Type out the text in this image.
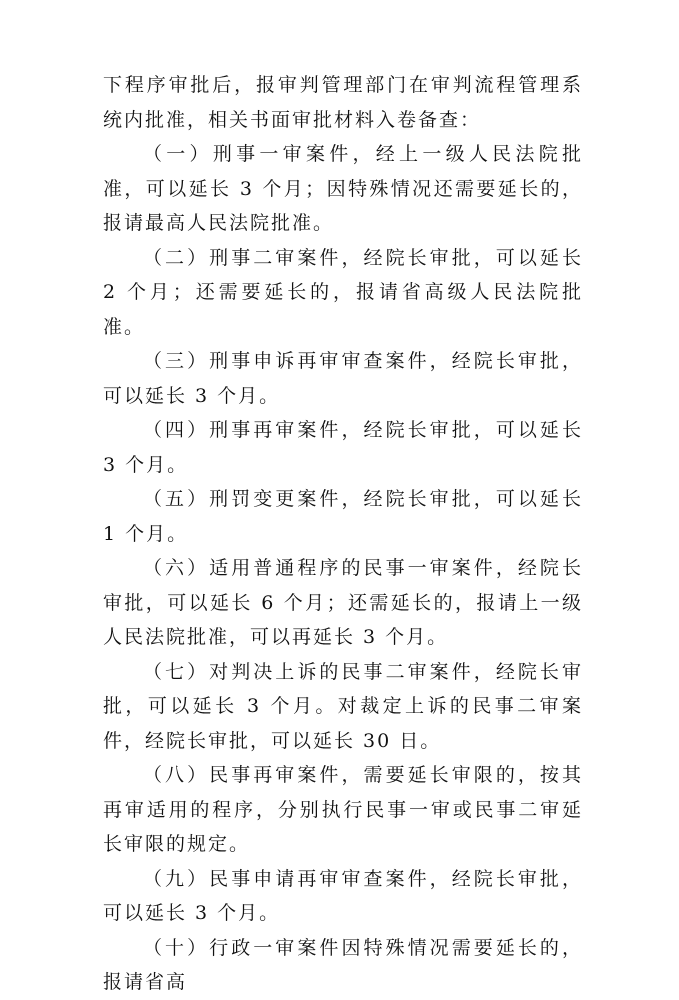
下程序审批后，报审判管理部门在审判流程管理系统内批准，相关书面审批材料入卷备查：

（一）刑事一审案件，经上一级人民法院批准，可以延长 3 个月；因特殊情况还需要延长的，报请最高人民法院批准。

（二）刑事二审案件，经院长审批，可以延长 2 个月；还需要延长的，报请省高级人民法院批准。

（三）刑事申诉再审审查案件，经院长审批，可以延长 3 个月。

（四）刑事再审案件，经院长审批，可以延长 3 个月。

（五）刑罚变更案件，经院长审批，可以延长 1 个月。

（六）适用普通程序的民事一审案件，经院长审批，可以延长 6 个月；还需延长的，报请上一级人民法院批准，可以再延长 3 个月。

（七）对判决上诉的民事二审案件，经院长审批，可以延长 3 个月。对裁定上诉的民事二审案件，经院长审批，可以延长 30 日。

（八）民事再审案件，需要延长审限的，按其再审适用的程序，分别执行民事一审或民事二审延长审限的规定。

（九）民事申请再审审查案件，经院长审批，可以延长 3 个月。

（十）行政一审案件因特殊情况需要延长的，报请省高
